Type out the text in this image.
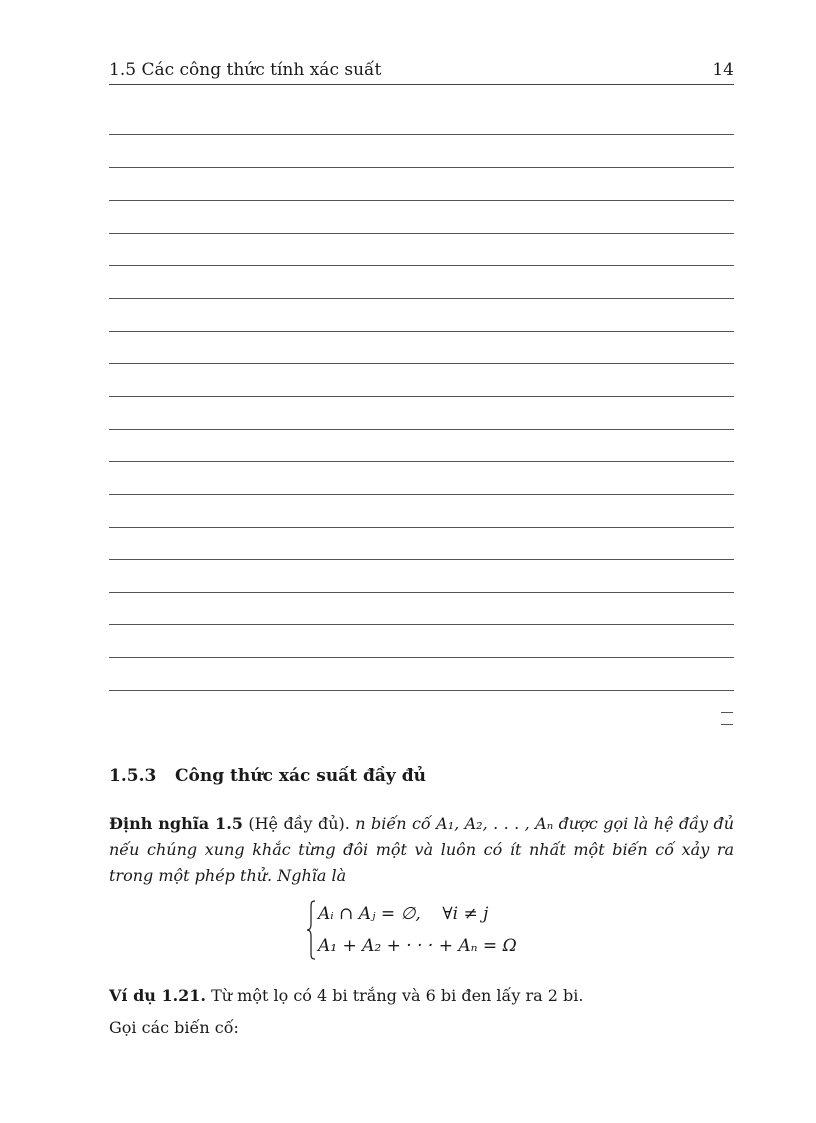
1.5 Các công thức tính xác suất	14
1.5.3 Công thức xác suất đầy đủ
Định nghĩa 1.5 (Hệ đầy đủ). n biến cố A₁, A₂, . . . , Aₙ được gọi là hệ đầy đủ nếu chúng xung khắc từng đôi một và luôn có ít nhất một biến cố xảy ra trong một phép thử. Nghĩa là
Aᵢ ∩ Aⱼ = ∅,    ∀i ≠ j
A₁ + A₂ + · · · + Aₙ = Ω
Ví dụ 1.21. Từ một lọ có 4 bi trắng và 6 bi đen lấy ra 2 bi.
Gọi các biến cố:
